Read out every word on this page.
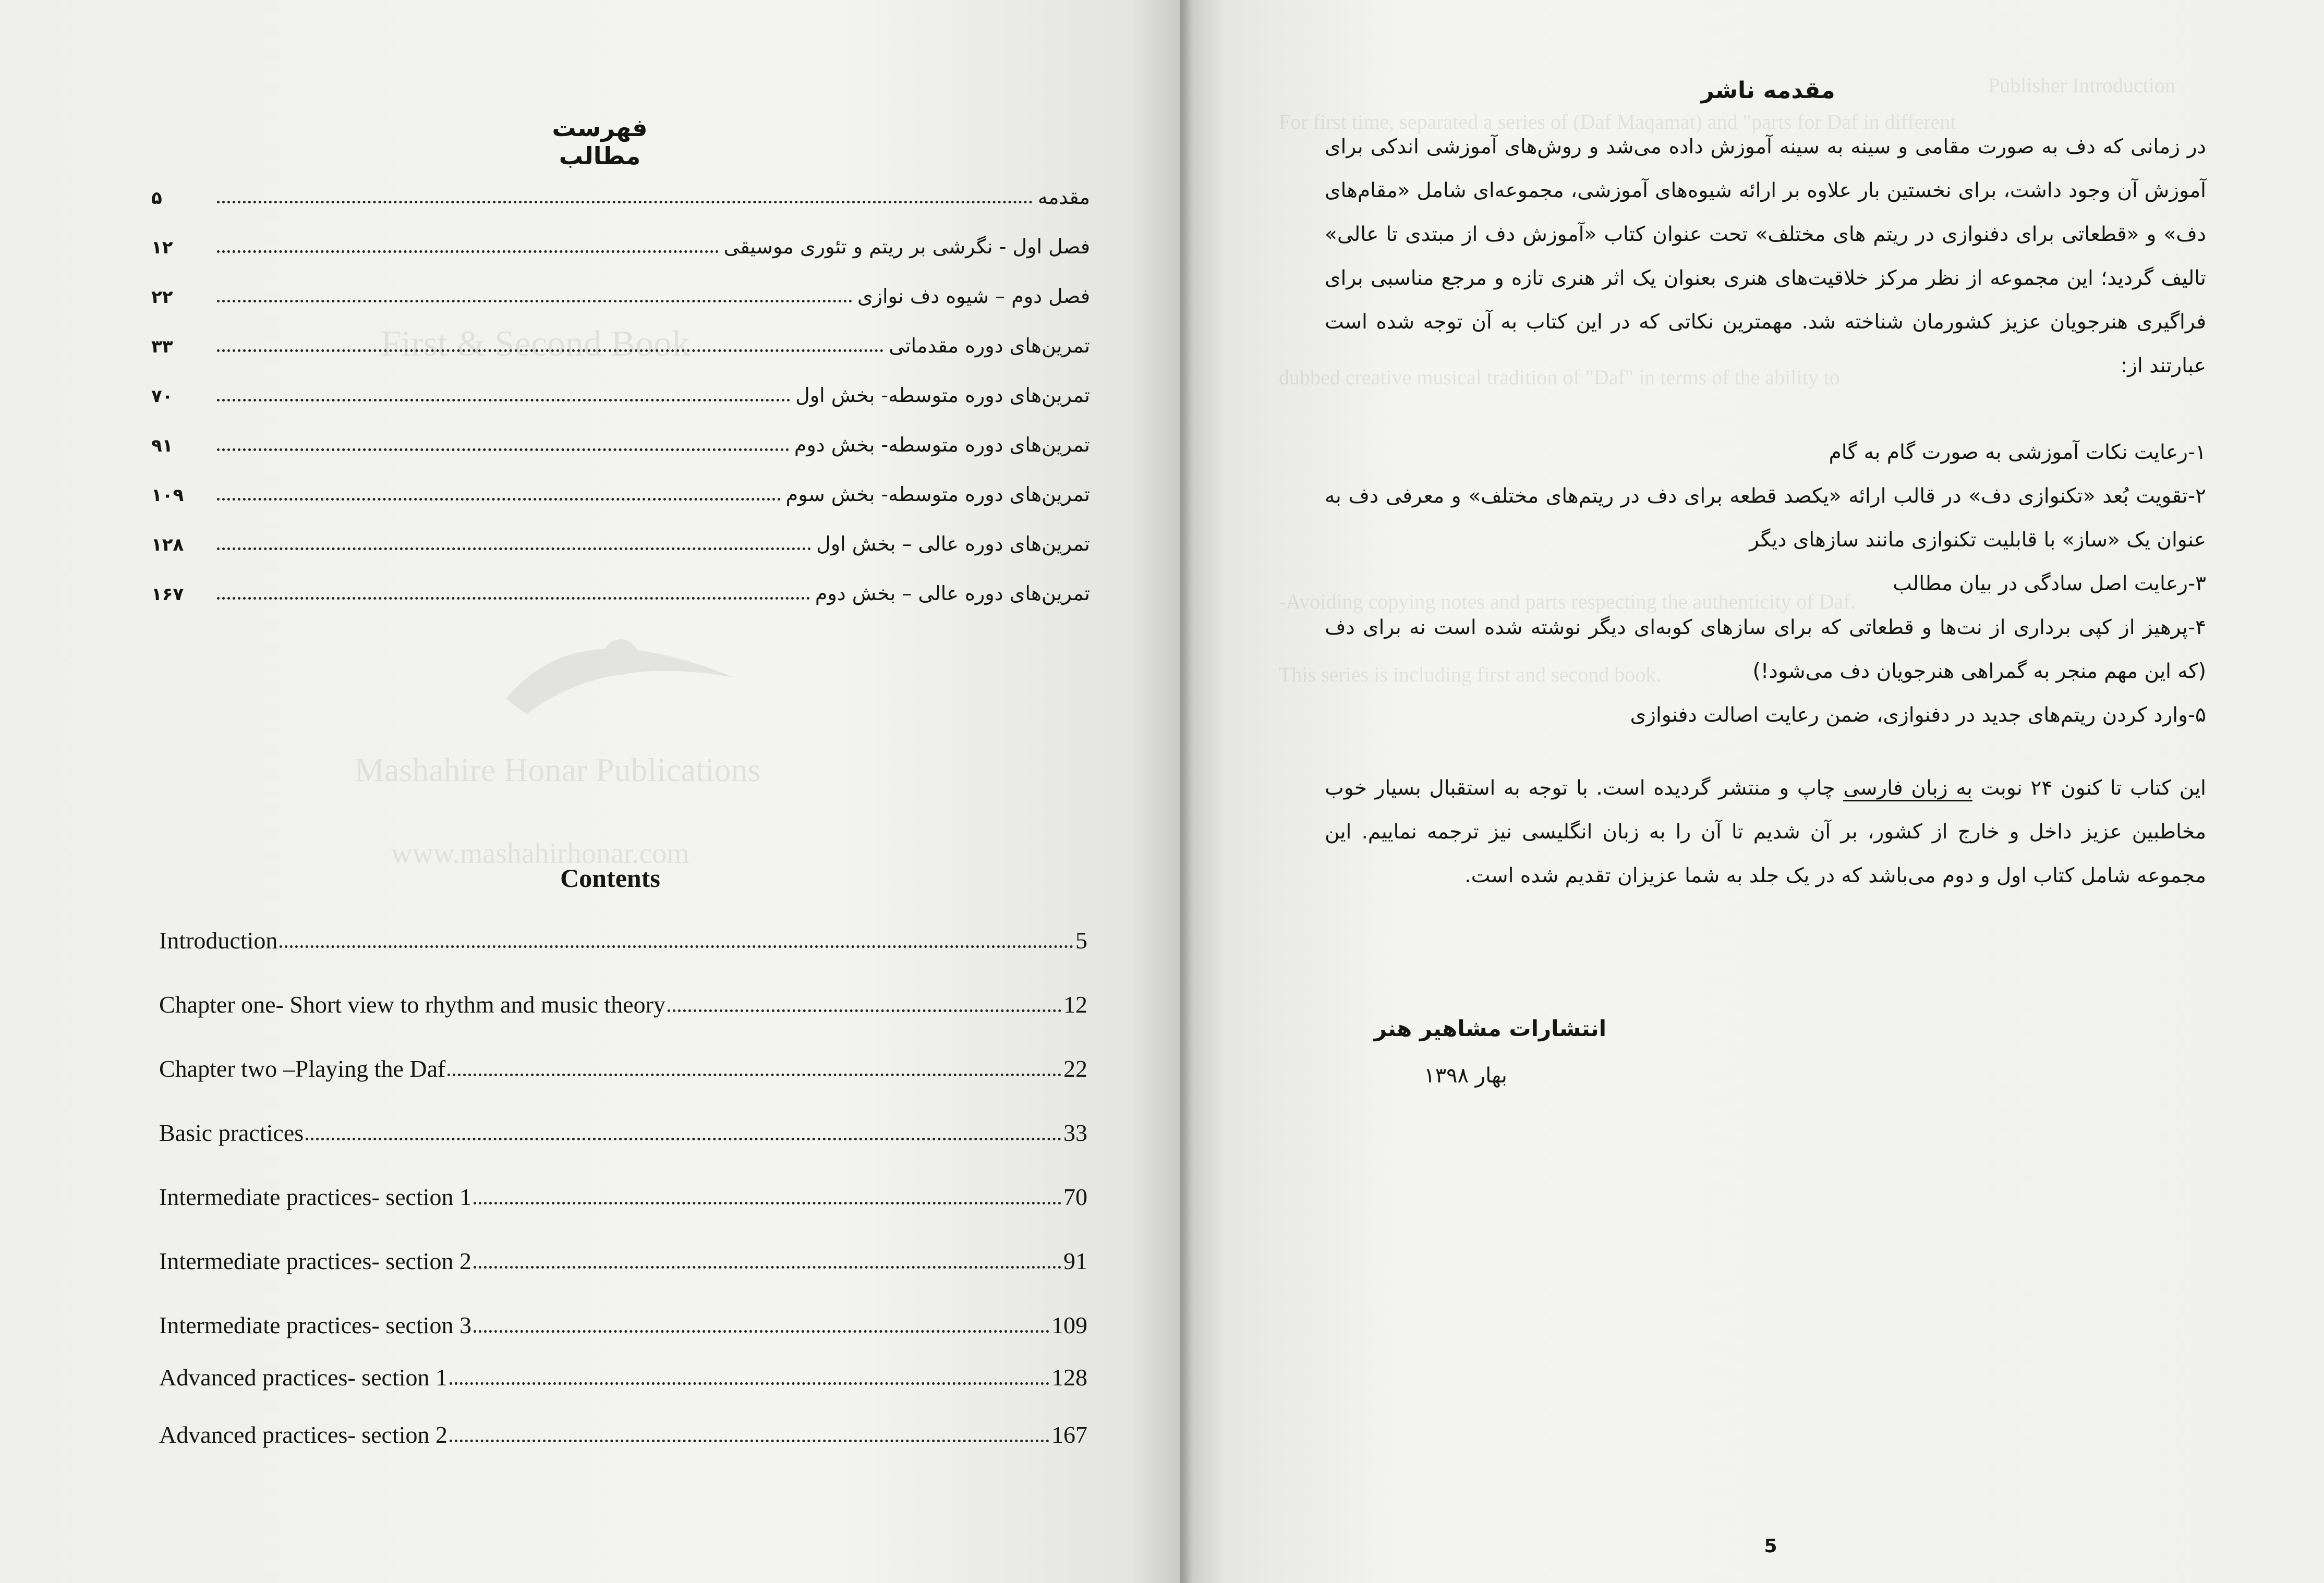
First & Second Book
Mashahire Honar Publications
www.mashahirhonar.com
فهرست مطالب
۵	مقدمه
۱۲	فصل اول - نگرشی بر ریتم و تئوری موسیقی
۲۲	فصل دوم – شیوه دف نوازی
۳۳	تمرین‌های دوره مقدماتی
۷۰	تمرین‌های دوره متوسطه- بخش اول
۹۱	تمرین‌های دوره متوسطه- بخش دوم
۱۰۹	تمرین‌های دوره متوسطه- بخش سوم
۱۲۸	تمرین‌های دوره عالی – بخش اول
۱۶۷	تمرین‌های دوره عالی – بخش دوم
Contents
Introduction	5
Chapter one- Short view to rhythm and music theory	12
Chapter two –Playing the Daf	22
Basic practices	33
Intermediate practices- section 1	70
Intermediate practices- section 2	91
Intermediate practices- section 3	109
Advanced practices- section 1	128
Advanced practices- section 2	167
Publisher Introduction
For first time, separated a series of (Daf Maqamat) and "parts for Daf in different
dubbed creative musical tradition of "Daf" in terms of the ability to
-Avoiding copying notes and parts respecting the authenticity of Daf.
This series is including first and second book.
مقدمه ناشر

در زمانی که دف به صورت مقامی و سینه به سینه آموزش داده می‌شد و روش‌های آموزشی اندکی برای آموزش آن وجود داشت، برای نخستین بار علاوه بر ارائه شیوه‌های آموزشی، مجموعه‌ای شامل «مقام‌های دف» و «قطعاتی برای دفنوازی در ریتم های مختلف» تحت عنوان کتاب «آموزش دف از مبتدی تا عالی» تالیف گردید؛ این مجموعه از نظر مرکز خلاقیت‌های هنری بعنوان یک اثر هنری تازه و مرجع مناسبی برای فراگیری هنرجویان عزیز کشورمان شناخته شد. مهمترین نکاتی که در این کتاب به آن توجه شده است عبارتند از:

۱-رعایت نکات آموزشی به صورت گام به گام
۲-تقویت بُعد «تکنوازی دف» در قالب ارائه «یکصد قطعه برای دف در ریتم‌های مختلف» و معرفی دف به عنوان یک «ساز» با قابلیت تکنوازی مانند سازهای دیگر
۳-رعایت اصل سادگی در بیان مطالب
۴-پرهیز از کپی برداری از نت‌ها و قطعاتی که برای سازهای کوبه‌ای دیگر نوشته شده است نه برای دف (که این مهم منجر به گمراهی هنرجویان دف می‌شود!)
۵-وارد کردن ریتم‌های جدید در دفنوازی، ضمن رعایت اصالت دفنوازی

این کتاب تا کنون ۲۴ نوبت به زبان فارسی چاپ و منتشر گردیده است. با توجه به استقبال بسیار خوب مخاطبین عزیز داخل و خارج از کشور، بر آن شدیم تا آن را به زبان انگلیسی نیز ترجمه نماییم. این مجموعه شامل کتاب اول و دوم می‌باشد که در یک جلد به شما عزیزان تقدیم شده است.

انتشارات مشاهیر هنر
بهار ۱۳۹۸
5
